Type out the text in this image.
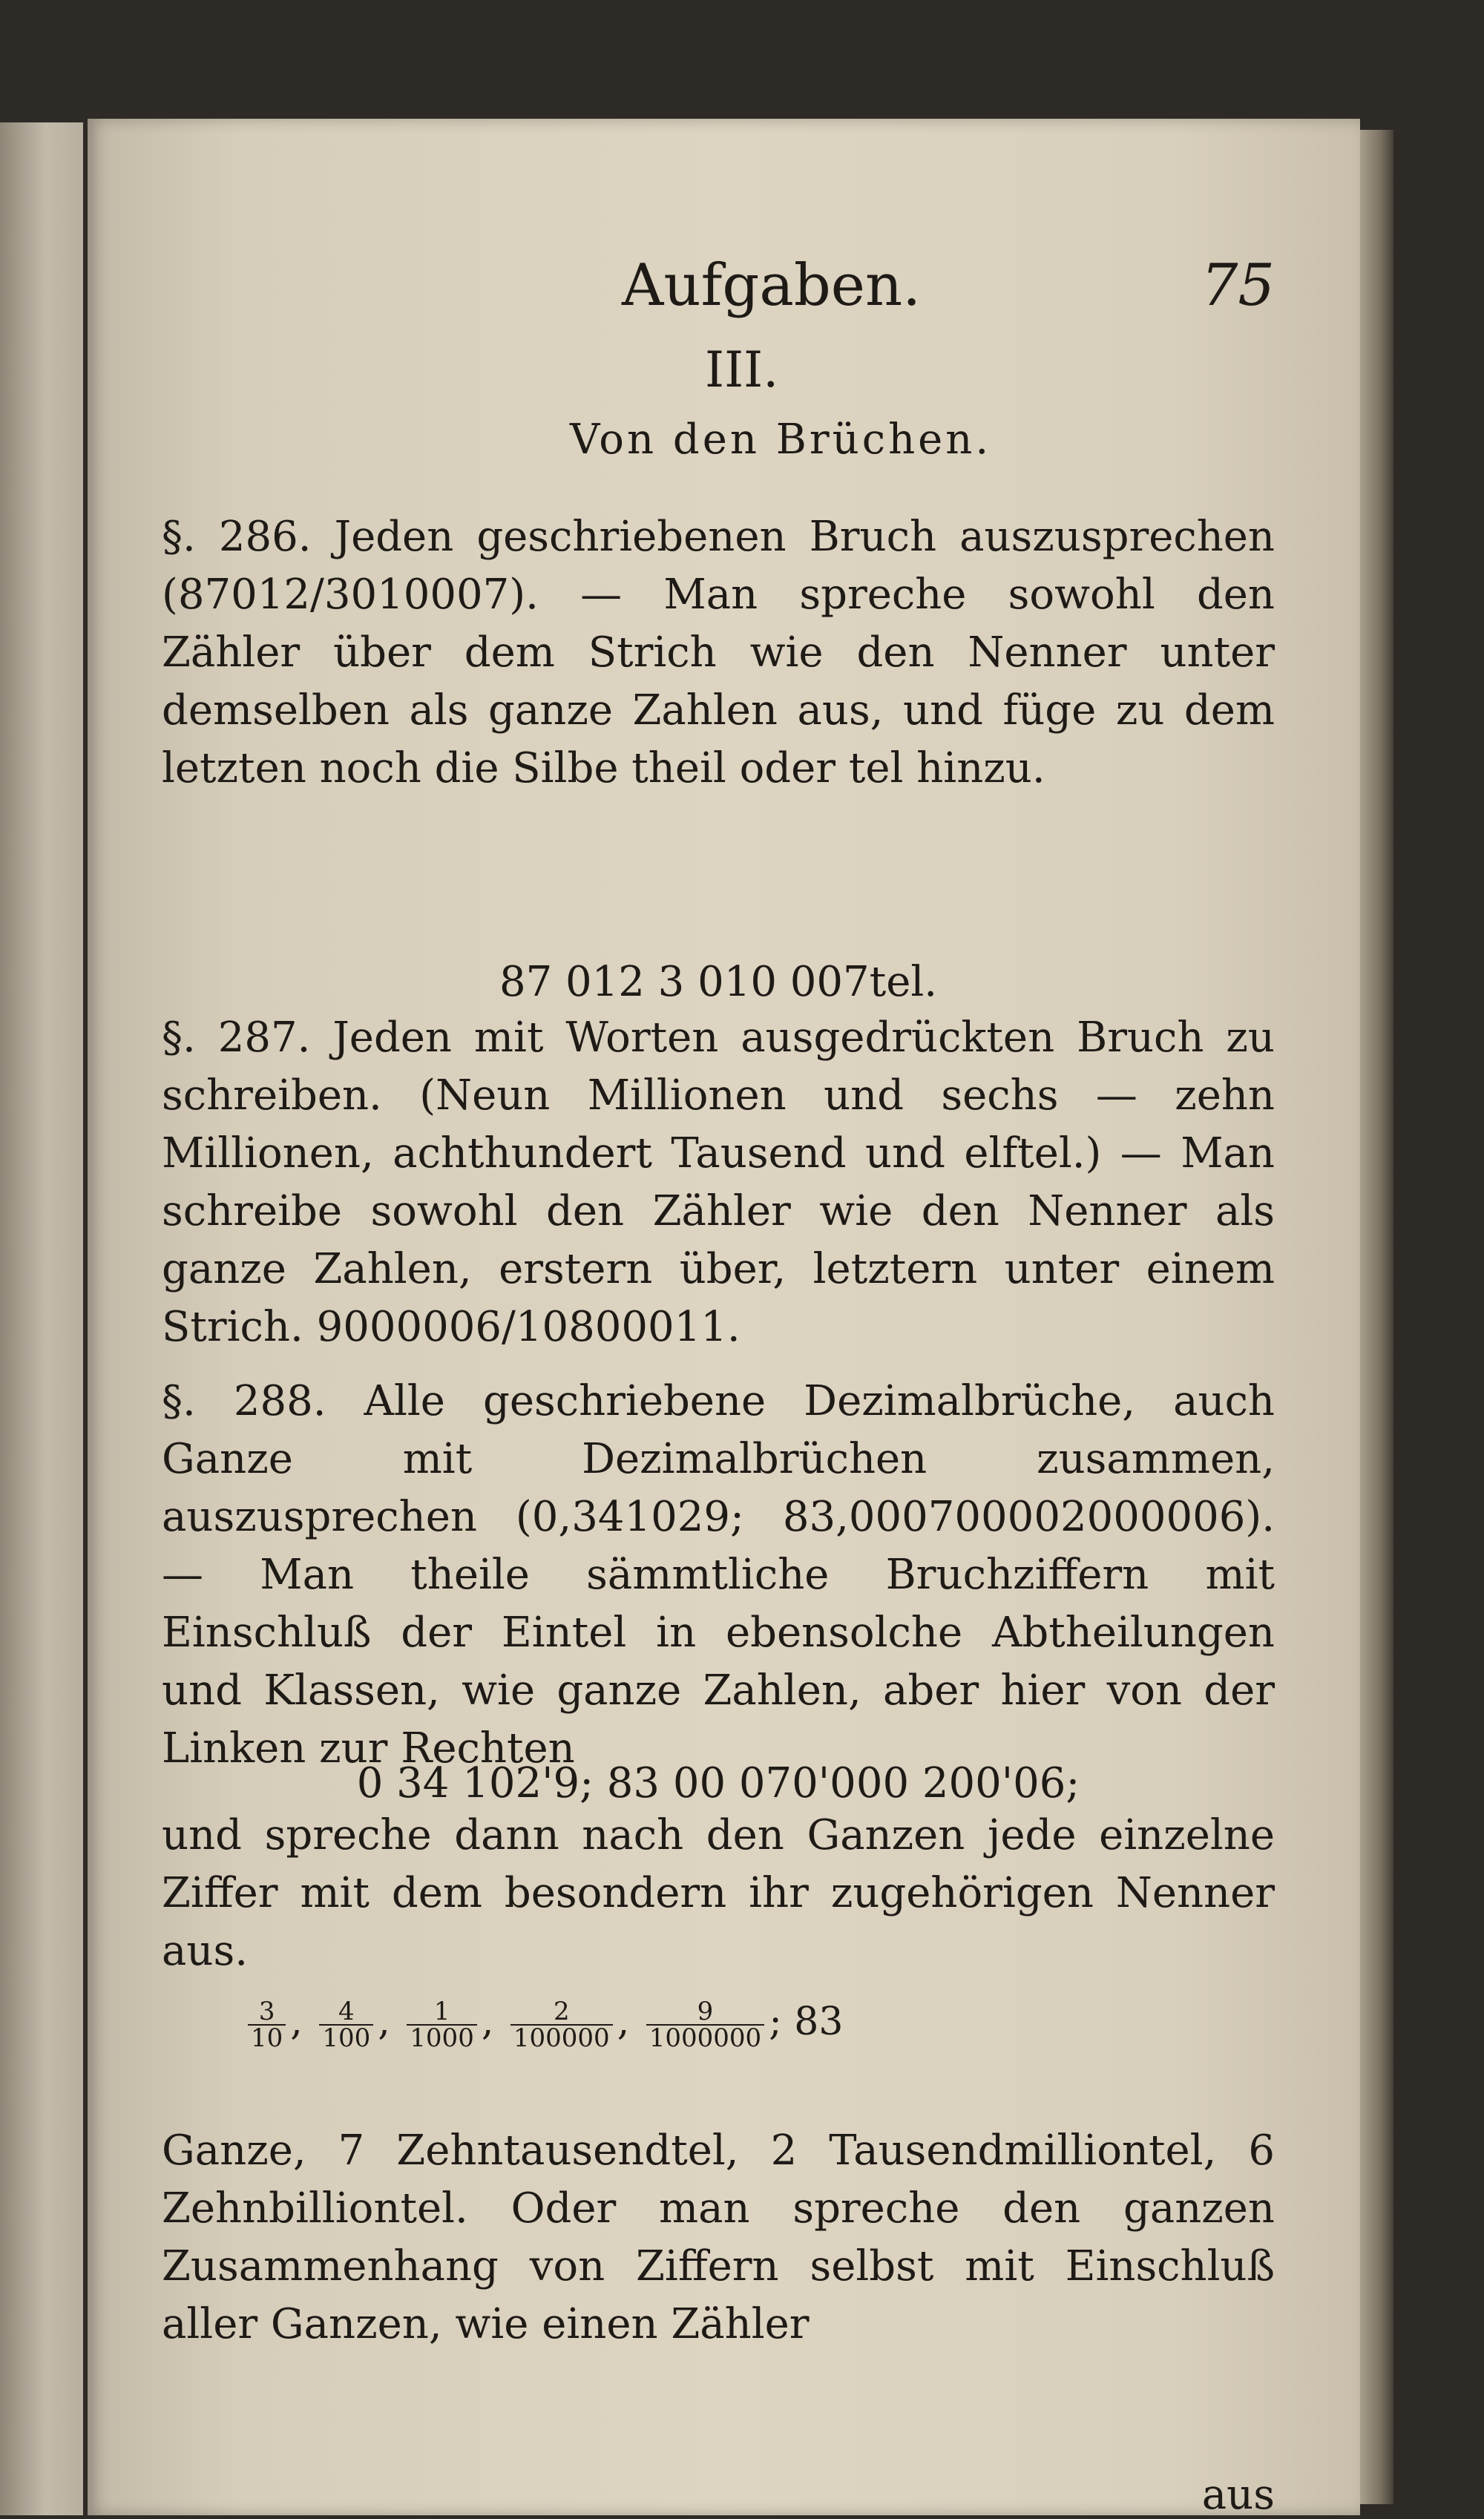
Aufgaben.	75
III.
Von den Brüchen.
§. 286. Jeden geschriebenen Bruch auszusprechen (87012/3010007). — Man spreche sowohl den Zähler über dem Strich wie den Nenner unter demselben als ganze Zahlen aus, und füge zu dem letzten noch die Silbe theil oder tel hinzu.
87 012 3 010 007tel.
§. 287. Jeden mit Worten ausgedrückten Bruch zu schreiben. (Neun Millionen und sechs — zehn Millionen, achthundert Tausend und elftel.) — Man schreibe sowohl den Zähler wie den Nenner als ganze Zahlen, erstern über, letztern unter einem Strich. 9000006/10800011.
§. 288. Alle geschriebene Dezimalbrüche, auch Ganze mit Dezimalbrüchen zusammen, auszusprechen (0,341029; 83,000700002000006). — Man theile sämmtliche Bruchziffern mit Einschluß der Eintel in ebensolche Abtheilungen und Klassen, wie ganze Zahlen, aber hier von der Linken zur Rechten
0 34 102'9; 83 00 070'000 200'06;
und spreche dann nach den Ganzen jede einzelne Ziffer mit dem besondern ihr zugehörigen Nenner aus.
$\frac{3}{10}$ , $\frac{4}{100}$ , $\frac{1}{1000}$ , $\frac{2}{100000}$ , $\frac{9}{1000000}$ ; 83
Ganze, 7 Zehntausendtel, 2 Tausendmilliontel, 6 Zehnbilliontel. Oder man spreche den ganzen Zusammenhang von Ziffern selbst mit Einschluß aller Ganzen, wie einen Zähler
aus
